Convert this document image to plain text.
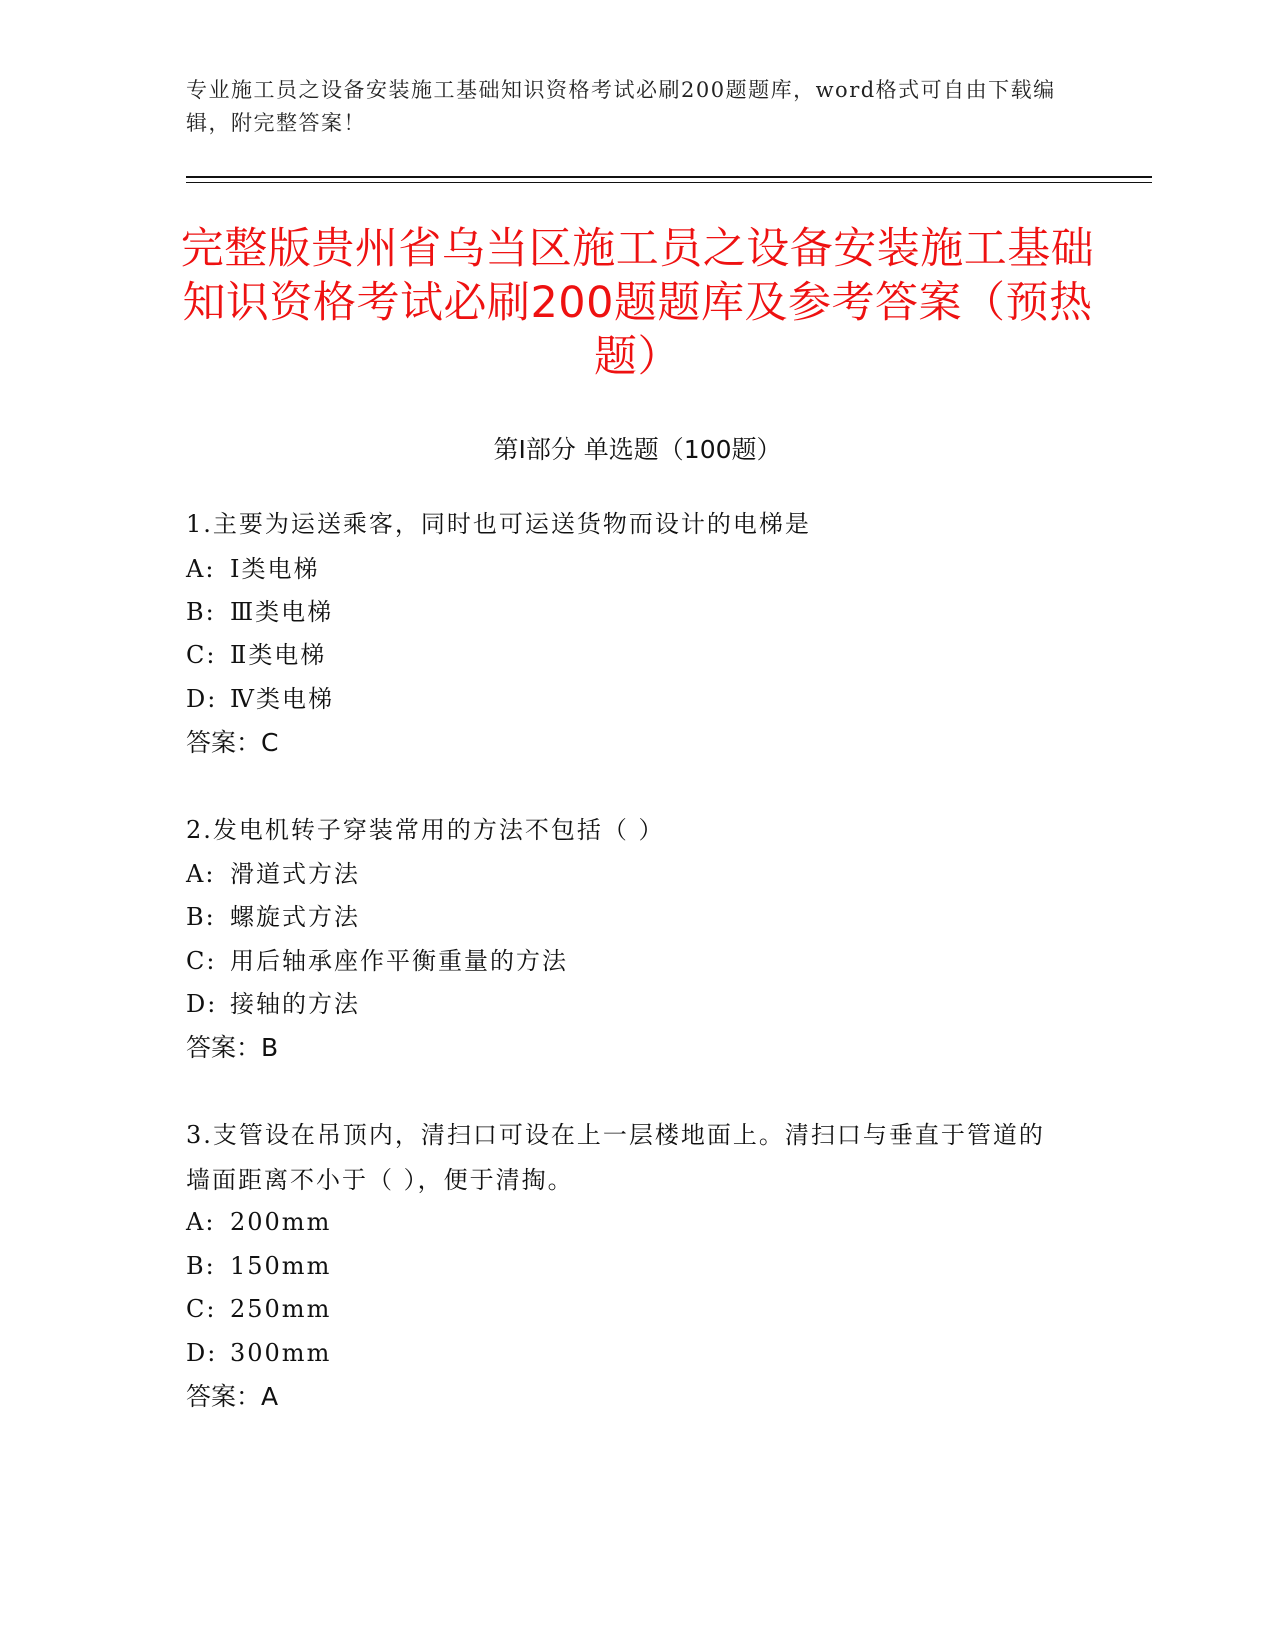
专业施工员之设备安装施工基础知识资格考试必刷200题题库，word格式可自由下载编辑，附完整答案！
完整版贵州省乌当区施工员之设备安装施工基础知识资格考试必刷200题题库及参考答案（预热题）
第I部分 单选题（100题）
1.主要为运送乘客，同时也可运送货物而设计的电梯是
A: Ⅰ类电梯
B: Ⅲ类电梯
C: Ⅱ类电梯
D: Ⅳ类电梯
答案：C
2.发电机转子穿装常用的方法不包括（ ）
A: 滑道式方法
B: 螺旋式方法
C: 用后轴承座作平衡重量的方法
D: 接轴的方法
答案：B
3.支管设在吊顶内，清扫口可设在上一层楼地面上。清扫口与垂直于管道的墙面距离不小于（ ），便于清掏。
A: 200mm
B: 150mm
C: 250mm
D: 300mm
答案：A
